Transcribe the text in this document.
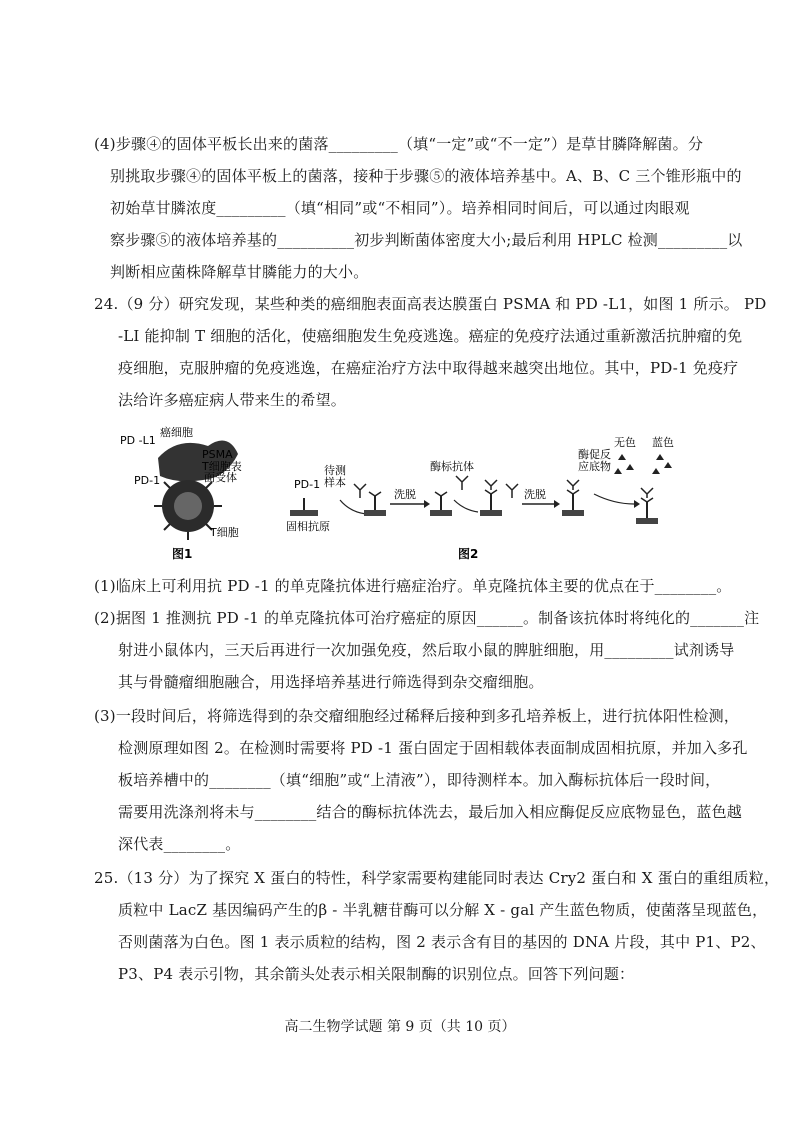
(4)步骤④的固体平板长出来的菌落_________（填“一定”或“不一定”）是草甘膦降解菌。分
别挑取步骤④的固体平板上的菌落，接种于步骤⑤的液体培养基中。A、B、C 三个锥形瓶中的
初始草甘膦浓度_________（填“相同”或“不相同”）。培养相同时间后，可以通过肉眼观
察步骤⑤的液体培养基的__________初步判断菌体密度大小;最后利用 HPLC 检测_________以
判断相应菌株降解草甘膦能力的大小。
24.（9 分）研究发现，某些种类的癌细胞表面高表达膜蛋白 PSMA 和 PD -L1，如图 1 所示。 PD
-LI 能抑制 T 细胞的活化，使癌细胞发生免疫逃逸。癌症的免疫疗法通过重新激活抗肿瘤的免
疫细胞，克服肿瘤的免疫逃逸，在癌症治疗方法中取得越来越突出地位。其中，PD-1 免疫疗
法给许多癌症病人带来生的希望。
癌细胞
PD -L1
PSMA
T细胞表
面受体
PD-1
T细胞
图1
PD-1
固相抗原
待测
样本
洗脱
酶标抗体
洗脱
酶促反
应底物
无色 蓝色
图2
(1)临床上可利用抗 PD -1 的单克隆抗体进行癌症治疗。单克隆抗体主要的优点在于________。
(2)据图 1 推测抗 PD -1 的单克隆抗体可治疗癌症的原因______。制备该抗体时将纯化的_______注
射进小鼠体内，三天后再进行一次加强免疫，然后取小鼠的脾脏细胞，用_________试剂诱导
其与骨髓瘤细胞融合，用选择培养基进行筛选得到杂交瘤细胞。
(3)一段时间后，将筛选得到的杂交瘤细胞经过稀释后接种到多孔培养板上，进行抗体阳性检测，
检测原理如图 2。在检测时需要将 PD -1 蛋白固定于固相载体表面制成固相抗原，并加入多孔
板培养槽中的________（填“细胞”或“上清液”），即待测样本。加入酶标抗体后一段时间，
需要用洗涤剂将未与________结合的酶标抗体洗去，最后加入相应酶促反应底物显色，蓝色越
深代表________。
25.（13 分）为了探究 X 蛋白的特性，科学家需要构建能同时表达 Cry2 蛋白和 X 蛋白的重组质粒，
质粒中 LacZ 基因编码产生的β - 半乳糖苷酶可以分解 X - gal 产生蓝色物质，使菌落呈现蓝色，
否则菌落为白色。图 1 表示质粒的结构，图 2 表示含有目的基因的 DNA 片段，其中 P1、P2、
P3、P4 表示引物，其余箭头处表示相关限制酶的识别位点。回答下列问题：
高二生物学试题 第 9 页（共 10 页）
